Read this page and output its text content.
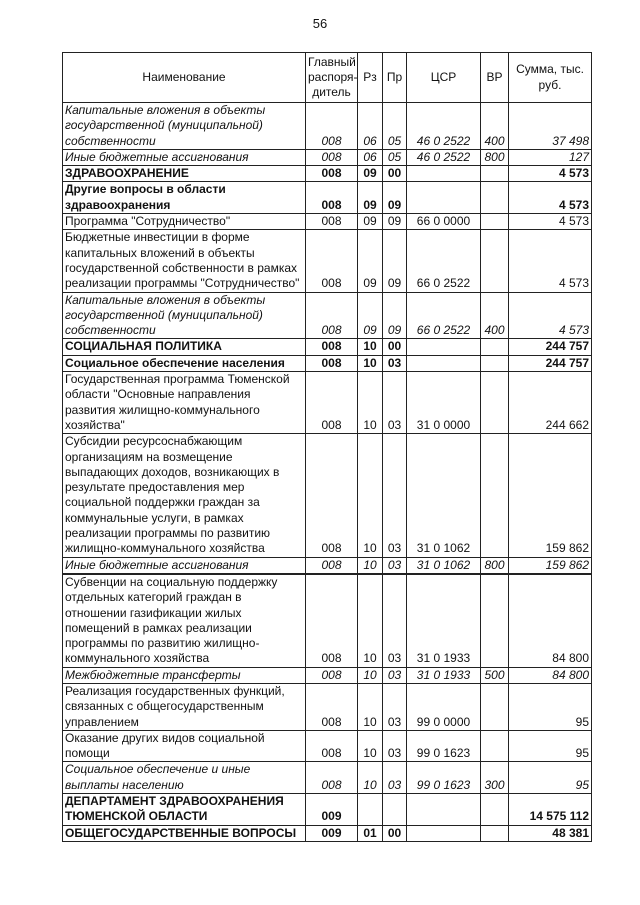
56
Наименование	Главный распоря-дитель	Рз	Пр	ЦСР	ВР	Сумма, тыс. руб.
Капитальные вложения в объекты государственной (муниципальной) собственности	008	06	05	46 0 2522	400	37 498
Иные бюджетные ассигнования	008	06	05	46 0 2522	800	127
ЗДРАВООХРАНЕНИЕ	008	09	00			4 573
Другие вопросы в области здравоохранения	008	09	09			4 573
Программа "Сотрудничество"	008	09	09	66 0 0000		4 573
Бюджетные инвестиции в форме капитальных вложений в объекты государственной собственности в рамках реализации программы "Сотрудничество"	008	09	09	66 0 2522		4 573
Капитальные вложения в объекты государственной (муниципальной) собственности	008	09	09	66 0 2522	400	4 573
СОЦИАЛЬНАЯ ПОЛИТИКА	008	10	00			244 757
Социальное обеспечение населения	008	10	03			244 757
Государственная программа Тюменской области "Основные направления развития жилищно-коммунального хозяйства"	008	10	03	31 0 0000		244 662
Субсидии ресурсоснабжающим организациям на возмещение выпадающих доходов, возникающих в результате предоставления мер социальной поддержки граждан за коммунальные услуги, в рамках реализации программы по развитию жилищно-коммунального хозяйства	008	10	03	31 0 1062		159 862
Иные бюджетные ассигнования	008	10	03	31 0 1062	800	159 862
Субвенции на социальную поддержку отдельных категорий граждан в отношении газификации жилых помещений в рамках реализации программы по развитию жилищно-коммунального хозяйства	008	10	03	31 0 1933		84 800
Межбюджетные трансферты	008	10	03	31 0 1933	500	84 800
Реализация государственных функций, связанных с общегосударственным управлением	008	10	03	99 0 0000		95
Оказание других видов социальной помощи	008	10	03	99 0 1623		95
Социальное обеспечение и иные выплаты населению	008	10	03	99 0 1623	300	95
ДЕПАРТАМЕНТ ЗДРАВООХРАНЕНИЯ ТЮМЕНСКОЙ ОБЛАСТИ	009					14 575 112
ОБЩЕГОСУДАРСТВЕННЫЕ ВОПРОСЫ	009	01	00			48 381
